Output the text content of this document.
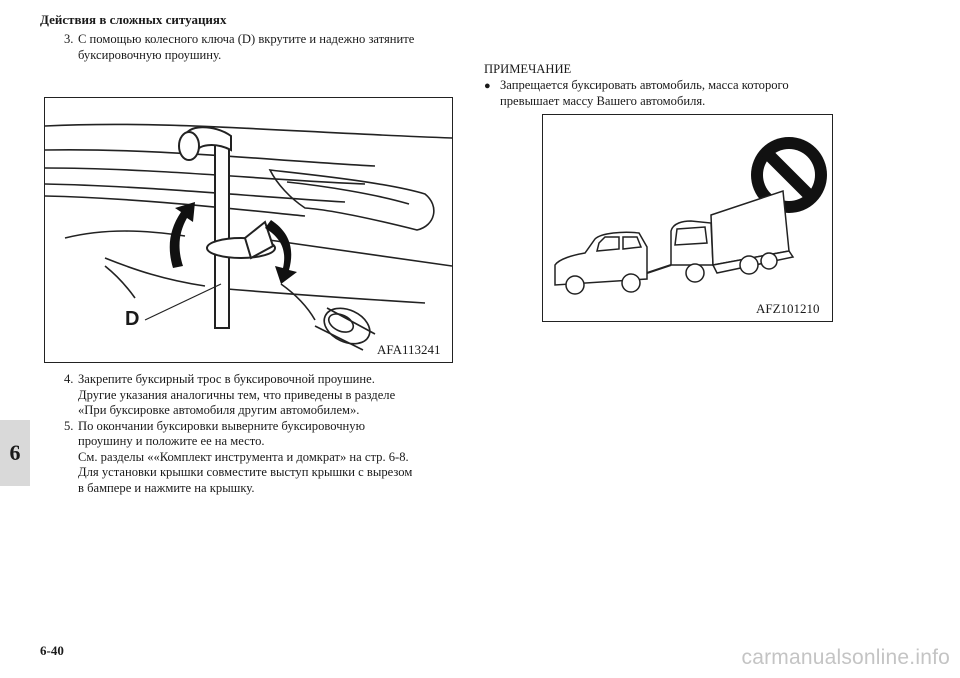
Действия в сложных ситуациях
3. С помощью колесного ключа (D) вкрутите и надежно затяните
буксировочную проушину.
D
AFA113241
4. Закрепите буксирный трос в буксировочной проушине.
Другие указания аналогичны тем, что приведены в разделе
«При буксировке автомобиля другим автомобилем».
5. По окончании буксировки выверните буксировочную
проушину и положите ее на место.
См. разделы ««Комплект инструмента и домкрат» на стр. 6-8.
Для установки крышки совместите выступ крышки с вырезом
в бампере и нажмите на крышку.
ПРИМЕЧАНИЕ
● Запрещается буксировать автомобиль, масса которого
превышает массу Вашего автомобиля.
AFZ101210
6
6-40	carmanualsonline.info
